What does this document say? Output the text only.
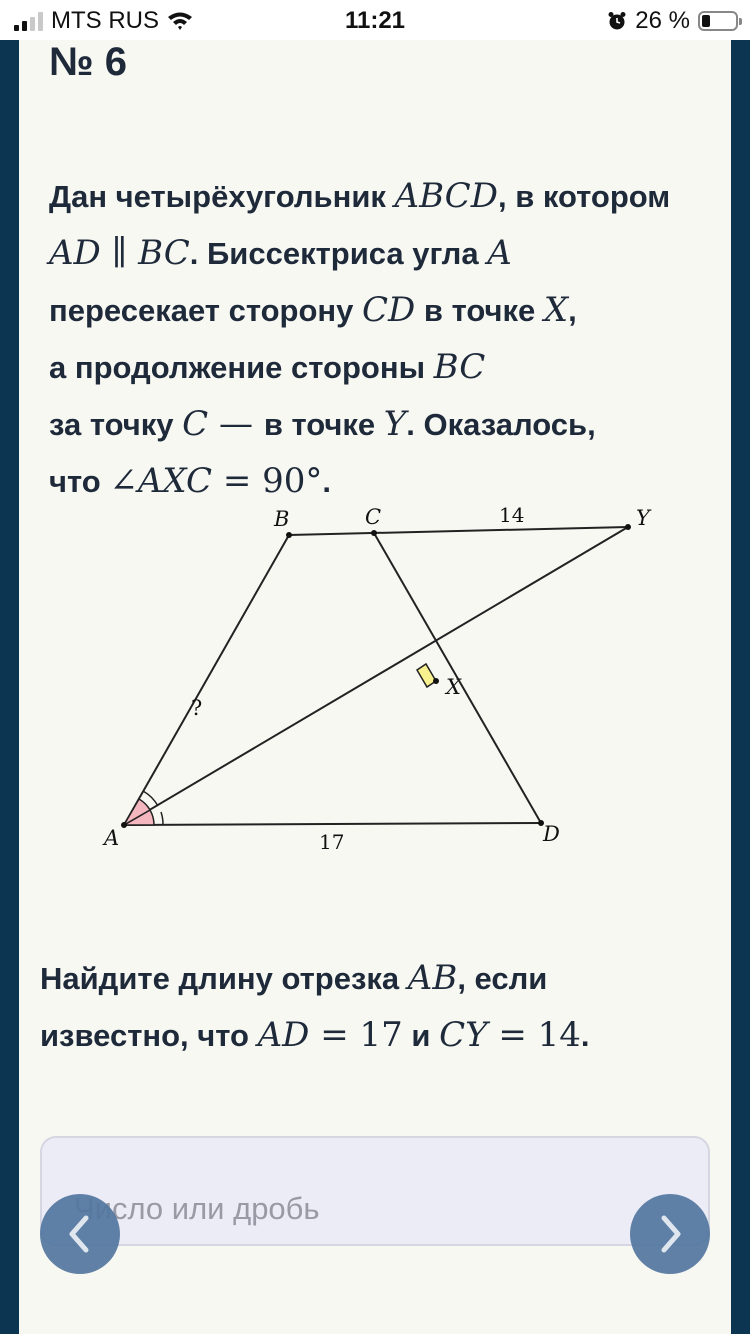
MTS RUS	11:21	26 %
№ 6
Дан четырёхугольник ABCD, в котором
AD ∥ BC. Биссектриса угла A
пересекает сторону CD в точке X,
а продолжение стороны BC
за точку C — в точке Y. Оказалось,
что ∠AXC = 90°.
A
B	C
D
X
Y
?
17
14
Найдите длину отрезка AB, если
известно, что AD = 17 и CY = 14.
Число или дробь
